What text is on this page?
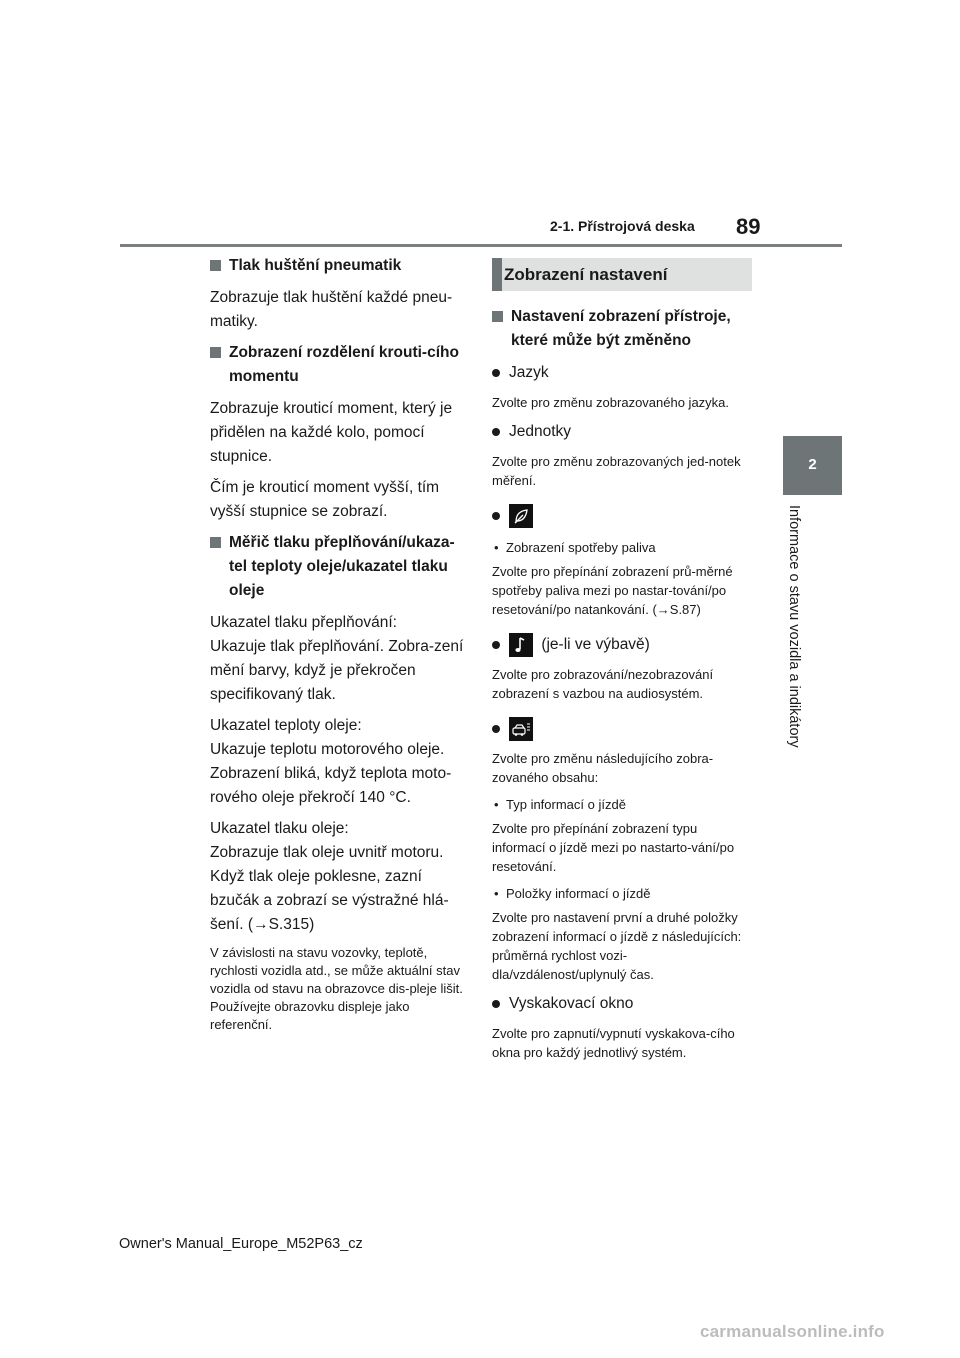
2-1. Přístrojová deska 89
2
Informace o stavu vozidla a indikátory
Tlak huštění pneumatik

Zobrazuje tlak huštění každé pneu-matiky.

Zobrazení rozdělení krouti-cího momentu

Zobrazuje krouticí moment, který je přidělen na každé kolo, pomocí stupnice.

Čím je krouticí moment vyšší, tím vyšší stupnice se zobrazí.

Měřič tlaku přeplňování/ukaza-tel teploty oleje/ukazatel tlaku oleje

Ukazatel tlaku přeplňování:
Ukazuje tlak přeplňování. Zobra-zení mění barvy, když je překročen specifikovaný tlak.

Ukazatel teploty oleje:
Ukazuje teplotu motorového oleje. Zobrazení bliká, když teplota moto-rového oleje překročí 140 °C.

Ukazatel tlaku oleje:
Zobrazuje tlak oleje uvnitř motoru. Když tlak oleje poklesne, zazní bzučák a zobrazí se výstražné hlá-šení. (→S.315)

V závislosti na stavu vozovky, teplotě, rychlosti vozidla atd., se může aktuální stav vozidla od stavu na obrazovce dis-pleje lišit.

Používejte obrazovku displeje jako referenční.

Zobrazení nastavení
Nastavení zobrazení přístroje, které může být změněno
Jazyk

Zvolte pro změnu zobrazovaného jazyka.

Jednotky

Zvolte pro změnu zobrazovaných jed-notek měření.

• Zobrazení spotřeby paliva

Zvolte pro přepínání zobrazení prů-měrné spotřeby paliva mezi po nastar-tování/po resetování/po natankování. (→S.87)

(je-li ve výbavě)

Zvolte pro zobrazování/nezobrazování zobrazení s vazbou na audiosystém.

Zvolte pro změnu následujícího zobra-zovaného obsahu:

• Typ informací o jízdě

Zvolte pro přepínání zobrazení typu informací o jízdě mezi po nastarto-vání/po resetování.

• Položky informací o jízdě

Zvolte pro nastavení první a druhé položky zobrazení informací o jízdě z následujících: průměrná rychlost vozi-dla/vzdálenost/uplynulý čas.

Vyskakovací okno

Zvolte pro zapnutí/vypnutí vyskakova-cího okna pro každý jednotlivý systém.

Owner's Manual_Europe_M52P63_cz
carmanualsonline.info
